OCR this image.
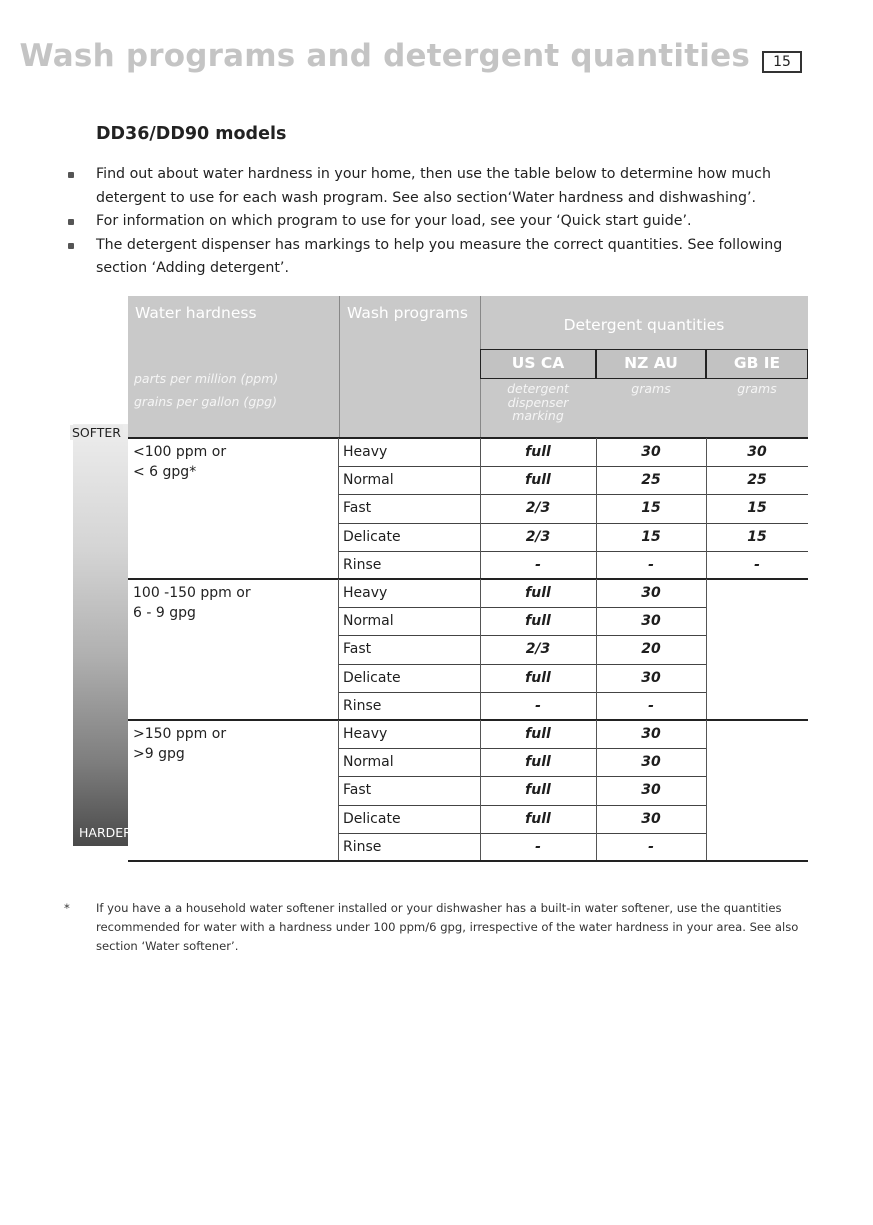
Wash programs and detergent quantities	15
DD36/DD90 models
Find out about water hardness in your home, then use the table below to determine how much detergent to use for each wash program. See also section‘Water hardness and dishwashing’.
For information on which program to use for your load, see your ‘Quick start guide’.
The detergent dispenser has markings to help you measure the correct quantities. See following section ‘Adding detergent’.
SOFTER
HARDER
Water hardness
parts per million (ppm)
grains per gallon (gpg)
Wash programs
Detergent quantities
US CA	NZ AU	GB IE
detergent
dispenser
marking
grams	grams
<100 ppm or
< 6 gpg*
Heavy	full	30	30
Normal	full	25	25
Fast	2/3	15	15
Delicate	2/3	15	15
Rinse	-	-	-
100 -150 ppm or
6 - 9 gpg
Heavy	full	30
Normal	full	30
Fast	2/3	20
Delicate	full	30
Rinse	-	-
>150 ppm or
>9 gpg
Heavy	full	30
Normal	full	30
Fast	full	30
Delicate	full	30
Rinse	-	-
*	If you have a a household water softener installed or your dishwasher has a built-in water softener, use the quantities recommended for water with a hardness under 100 ppm/6 gpg, irrespective of the water hardness in your area. See also section ‘Water softener’.
